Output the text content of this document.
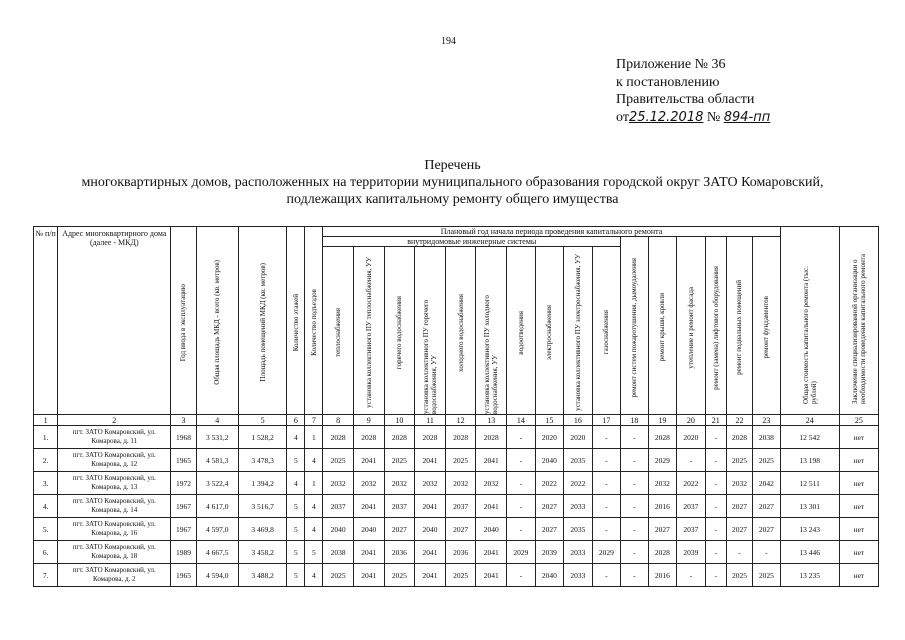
194
Приложение № 36
к постановлению
Правительства области
от25.12.2018 № 894-пп
Перечень
многоквартирных домов, расположенных на территории муниципального образования городской округ ЗАТО Комаровский,
подлежащих капитальному ремонту общего имущества
№ п/п	Адрес многоквартирного дома (далее - МКД)	Год ввода в эксплуатацию	Общая площадь МКД - всего (кв. метров)	Площадь помещений МКД (кв. метров)	Количество этажей	Количество подъездов	Плановый год начала периода проведения капитального ремонта																Общая стоимость капитального ремонта (тыс. рублей)	Заключение специализированной организации о необходимости проведения капитального ремонта

							внутридомовые инженерные системы										ремонт систем пожаротушения, дымоудаления	ремонт крыши, кровли	утепление и ремонт фасада	ремонт (замена) лифтового оборудования	ремонт подвальных помещений	ремонт фундаментов		

							теплоснабжения	установка коллективного ПУ теплоснабжения, УУ	горячего водоснабжения	установка коллективного ПУ горячего водоснабжения, УУ	холодного водоснабжения	установка коллективного ПУ холодного водоснабжения, УУ	водоотведения	электроснабжения	установка коллективного ПУ электроснабжения, УУ	газоснабжения								

1	2	3	4	5	6	7	8	9	10	11	12	13	14	15	16	17	18	19	20	21	22	23	24	25
1.	пгт. ЗАТО Комаровский, ул. Комарова, д. 11	1968	3 531,2	1 528,2	4	1	2028	2028	2028	2028	2028	2028	-	2020	2020	-	-	2028	2020	-	2028	2038	12 542	нет
2.	пгт. ЗАТО Комаровский, ул. Комарова, д. 12	1965	4 581,3	3 478,3	5	4	2025	2041	2025	2041	2025	2041	-	2040	2035	-	-	2029	-	-	2025	2025	13 198	нет
3.	пгт. ЗАТО Комаровский, ул. Комарова, д. 13	1972	3 522,4	1 394,2	4	1	2032	2032	2032	2032	2032	2032	-	2022	2022	-	-	2032	2022	-	2032	2042	12 511	нет
4.	пгт. ЗАТО Комаровский, ул. Комарова, д. 14	1967	4 617,0	3 516,7	5	4	2037	2041	2037	2041	2037	2041	-	2027	2033	-	-	2016	2037	-	2027	2027	13 301	нет
5.	пгт. ЗАТО Комаровский, ул. Комарова, д. 16	1967	4 597,0	3 469,8	5	4	2040	2040	2027	2040	2027	2040	-	2027	2035	-	-	2027	2037	-	2027	2027	13 243	нет
6.	пгт. ЗАТО Комаровский, ул. Комарова, д. 18	1989	4 667,5	3 458,2	5	5	2038	2041	2036	2041	2036	2041	2029	2039	2033	2029	-	2028	2039	-	-	-	13 446	нет
7.	пгт. ЗАТО Комаровский, ул. Комарова, д. 2	1965	4 594,0	3 488,2	5	4	2025	2041	2025	2041	2025	2041	-	2040	2033	-	-	2016	-	-	2025	2025	13 235	нет
